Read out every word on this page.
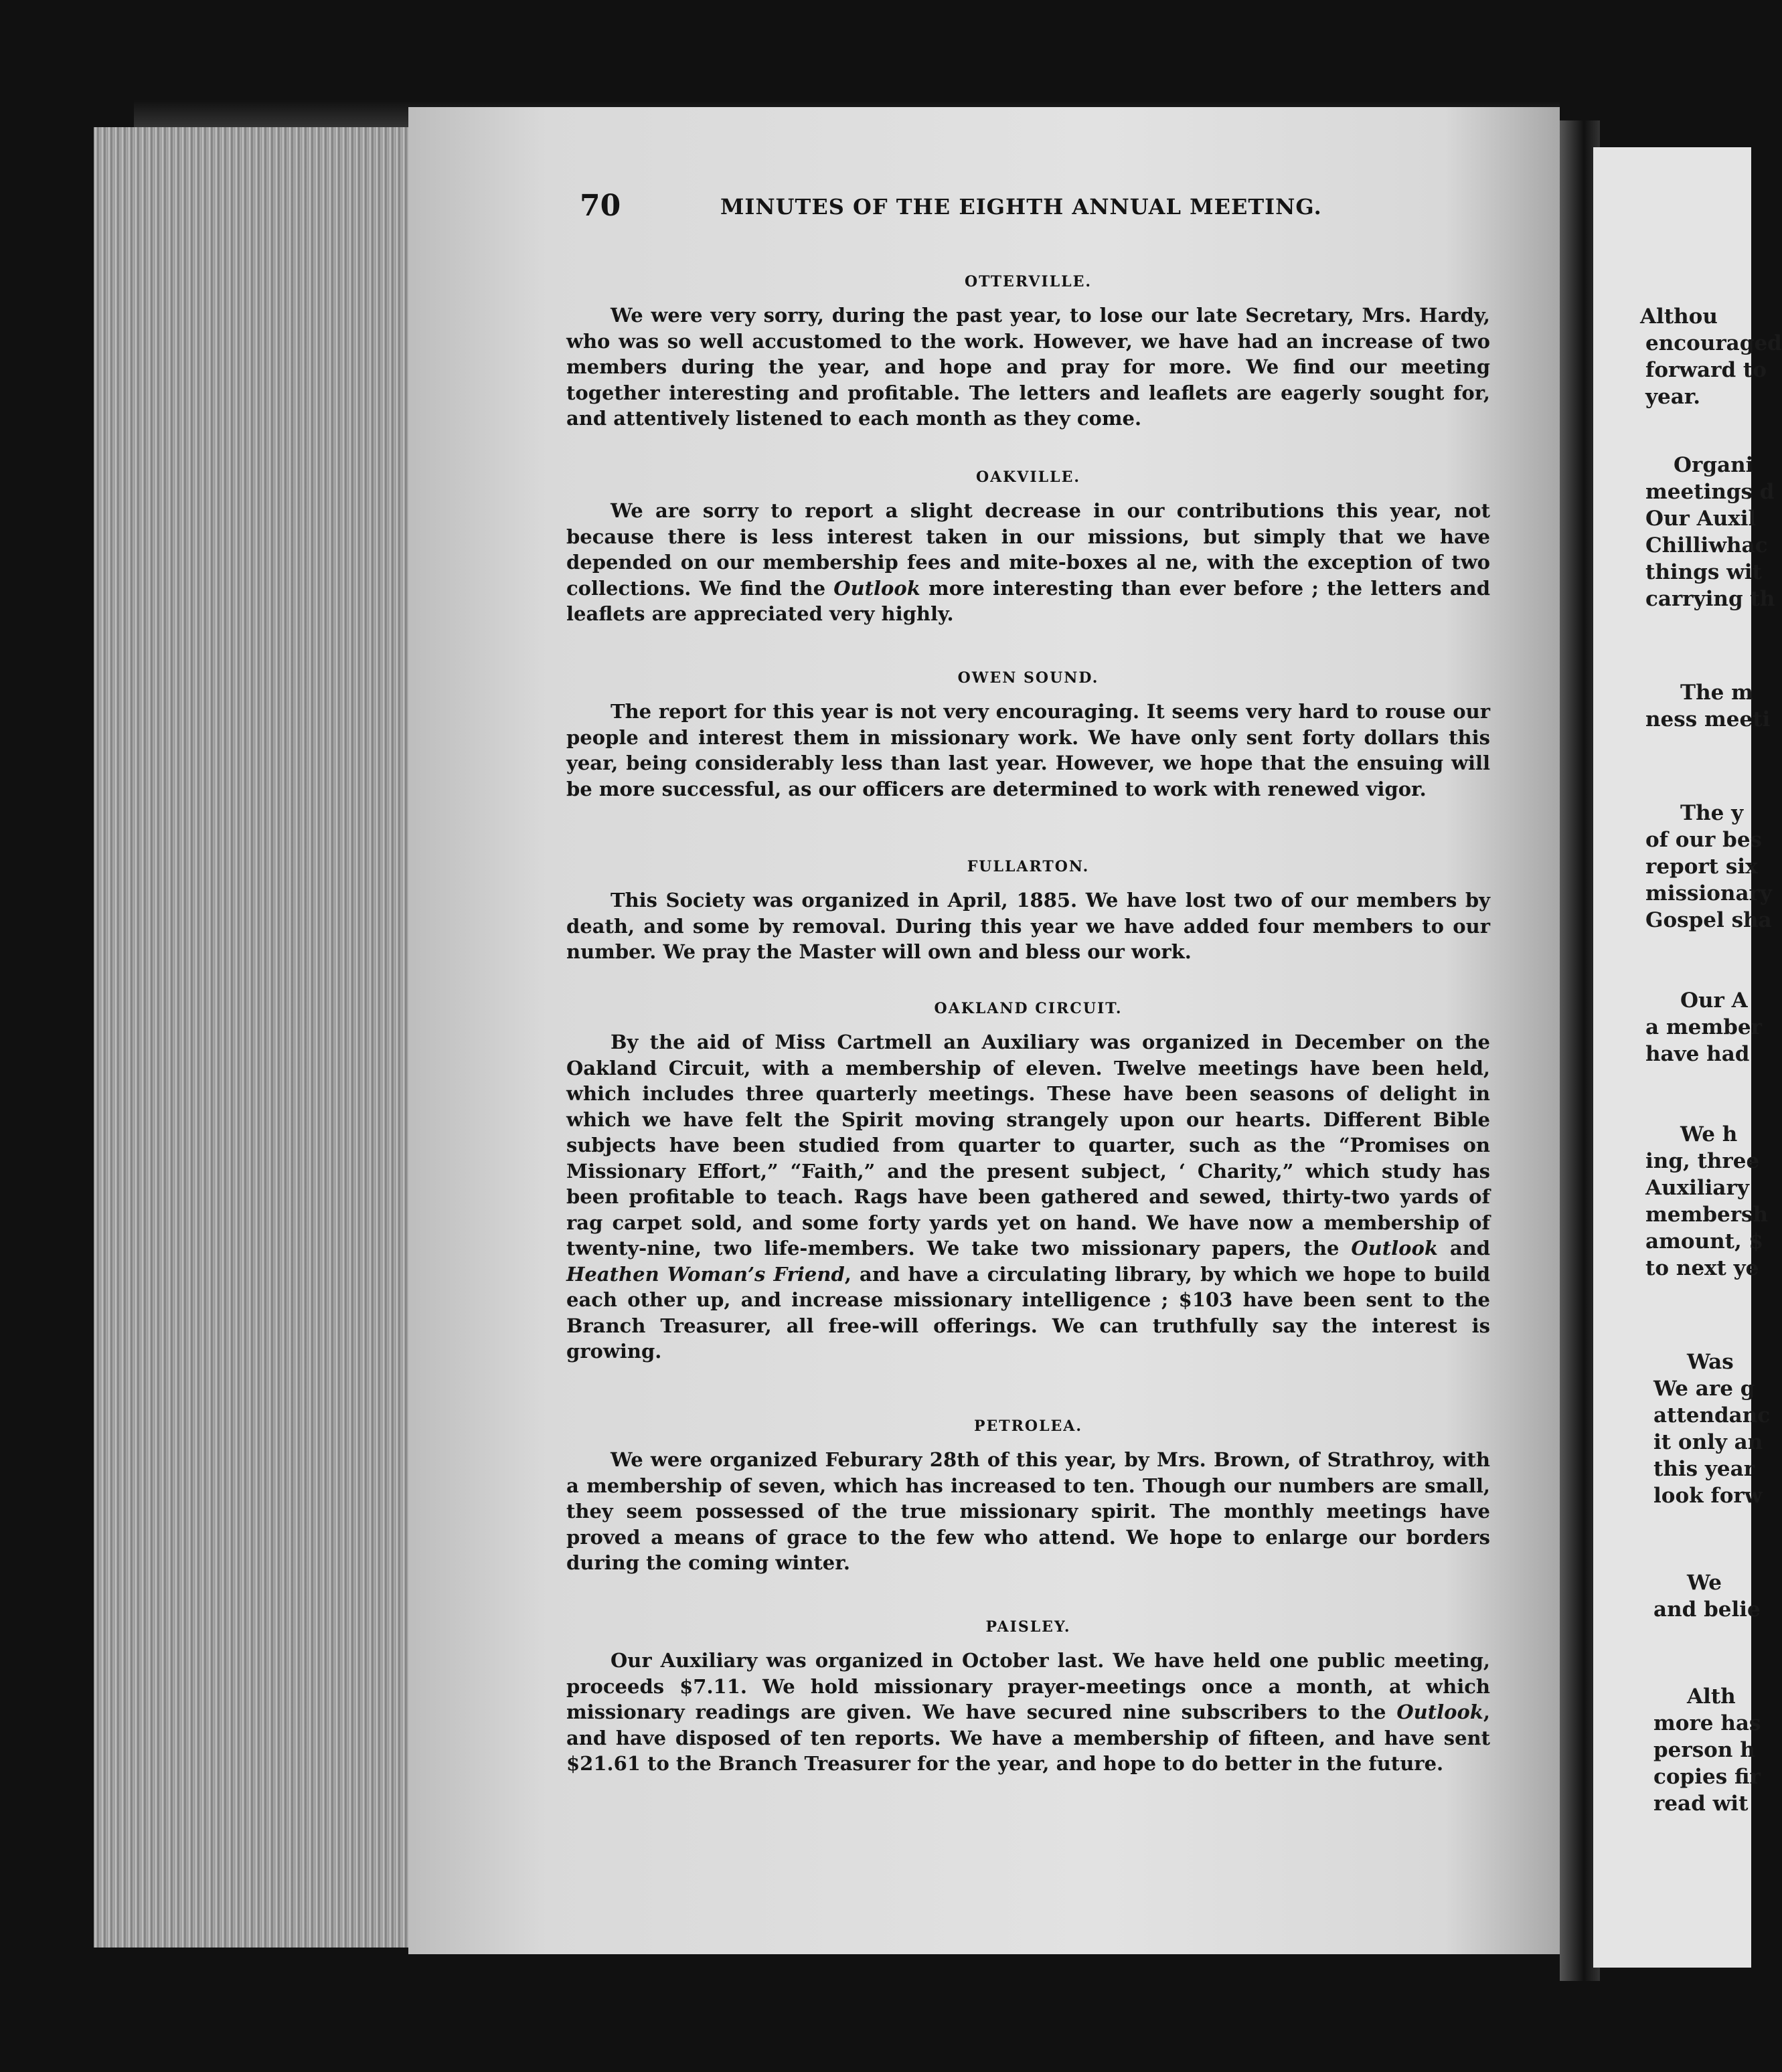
Althou
encouraged
forward to
year.
Organi
meetings d
Our Auxil
Chilliwhac
things wit
carrying th
The m
ness meeti
The y
of our bes
report six
missionary
Gospel sha
Our A
a member
have had
We h
ing, three
Auxiliary
membersh
amount, $
to next ye
Was
We are g
attendanc
it only an
this year
look forw
We
and belie
Alth
more has
person h
copies fir
read wit
70	MINUTES OF THE EIGHTH ANNUAL MEETING.
OTTERVILLE.

We were very sorry, during the past year, to lose our late Secretary, Mrs. Hardy, who was so well accustomed to the work. However, we have had an increase of two members during the year, and hope and pray for more. We find our meeting together interesting and profitable. The letters and leaflets are eagerly sought for, and attentively listened to each month as they come.

OAKVILLE.

We are sorry to report a slight decrease in our contributions this year, not because there is less interest taken in our missions, but simply that we have depended on our membership fees and mite-boxes al ne, with the exception of two collections. We find the Outlook more interesting than ever before ; the letters and leaflets are appreciated very highly.

OWEN SOUND.

The report for this year is not very encouraging. It seems very hard to rouse our people and interest them in missionary work. We have only sent forty dollars this year, being considerably less than last year. However, we hope that the ensuing will be more successful, as our officers are determined to work with renewed vigor.

FULLARTON.

This Society was organized in April, 1885. We have lost two of our members by death, and some by removal. During this year we have added four members to our number. We pray the Master will own and bless our work.

OAKLAND CIRCUIT.

By the aid of Miss Cartmell an Auxiliary was organized in December on the Oakland Circuit, with a membership of eleven. Twelve meetings have been held, which includes three quarterly meetings. These have been seasons of delight in which we have felt the Spirit moving strangely upon our hearts. Different Bible subjects have been studied from quarter to quarter, such as the “Promises on Missionary Effort,” “Faith,” and the present subject, ‘ Charity,” which study has been profitable to teach. Rags have been gathered and sewed, thirty-two yards of rag carpet sold, and some forty yards yet on hand. We have now a membership of twenty-nine, two life-members. We take two missionary papers, the Outlook and Heathen Woman’s Friend, and have a circulating library, by which we hope to build each other up, and increase missionary intelligence ; $103 have been sent to the Branch Treasurer, all free-will offerings. We can truthfully say the interest is growing.

PETROLEA.

We were organized Feburary 28th of this year, by Mrs. Brown, of Strathroy, with a membership of seven, which has increased to ten. Though our numbers are small, they seem possessed of the true missionary spirit. The monthly meetings have proved a means of grace to the few who attend. We hope to enlarge our borders during the coming winter.

PAISLEY.

Our Auxiliary was organized in October last. We have held one public meeting, proceeds $7.11. We hold missionary prayer-meetings once a month, at which missionary readings are given. We have secured nine subscribers to the Outlook, and have disposed of ten reports. We have a membership of fifteen, and have sent $21.61 to the Branch Treasurer for the year, and hope to do better in the future.
